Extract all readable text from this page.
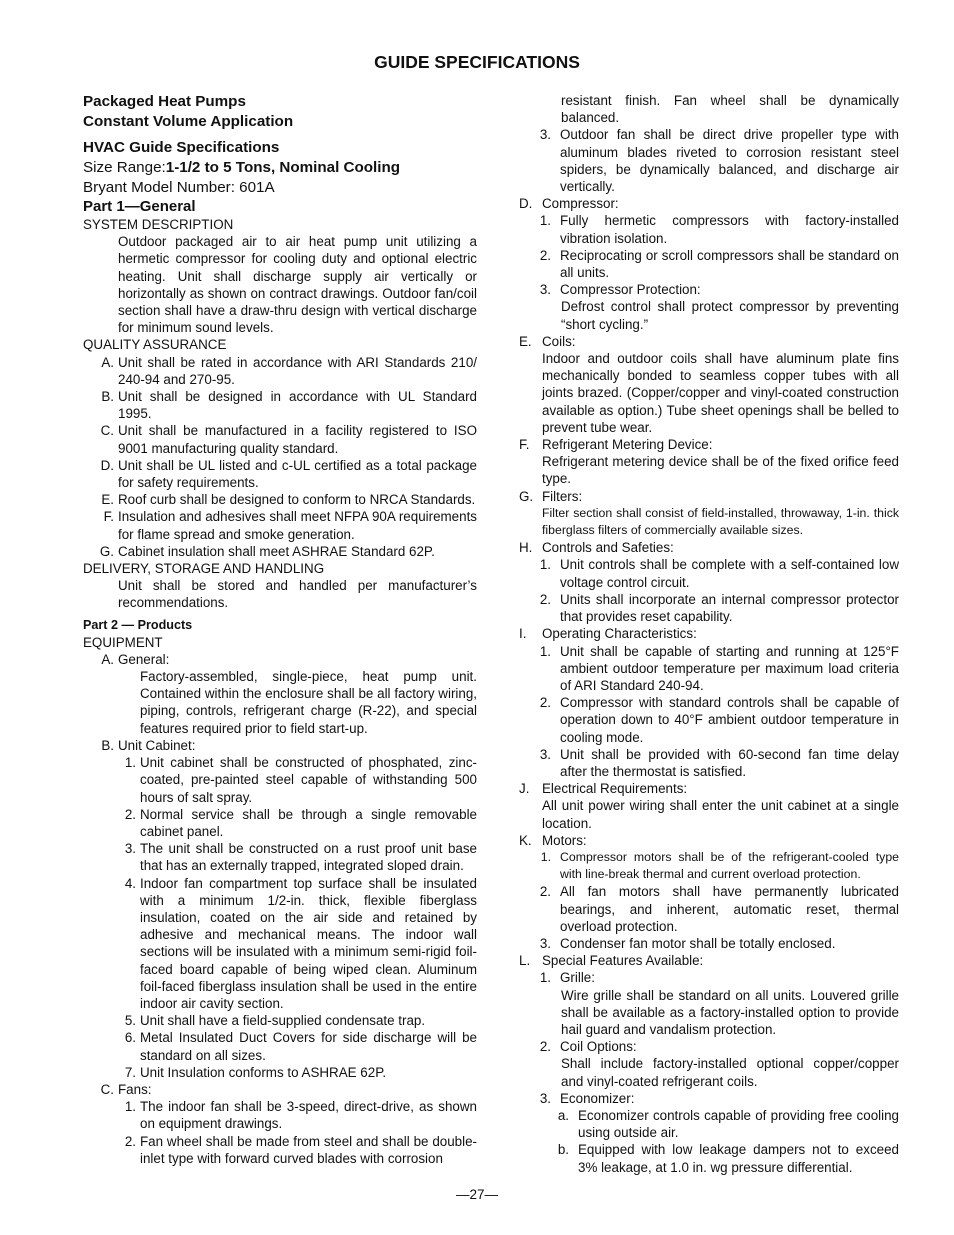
GUIDE SPECIFICATIONS
Packaged Heat Pumps
Constant Volume Application
HVAC Guide Specifications
Size Range:1-1/2 to 5 Tons, Nominal Cooling
Bryant Model Number: 601A
Part 1—General
SYSTEM DESCRIPTION
Outdoor packaged air to air heat pump unit utilizing a hermetic compressor for cooling duty and optional electric heating. Unit shall discharge supply air vertically or horizontally as shown on contract drawings. Outdoor fan/coil section shall have a draw-thru design with vertical discharge for minimum sound levels.
QUALITY ASSURANCE
A. Unit shall be rated in accordance with ARI Standards 210/ 240-94 and 270-95.
B. Unit shall be designed in accordance with UL Standard 1995.
C. Unit shall be manufactured in a facility registered to ISO 9001 manufacturing quality standard.
D. Unit shall be UL listed and c-UL certified as a total package for safety requirements.
E. Roof curb shall be designed to conform to NRCA Standards.
F. Insulation and adhesives shall meet NFPA 90A requirements for flame spread and smoke generation.
G. Cabinet insulation shall meet ASHRAE Standard 62P.
DELIVERY, STORAGE AND HANDLING
Unit shall be stored and handled per manufacturer’s recommendations.
Part 2 — Products
EQUIPMENT
A. General:
Factory-assembled, single-piece, heat pump unit. Contained within the enclosure shall be all factory wiring, piping, controls, refrigerant charge (R-22), and special features required prior to field start-up.
B. Unit Cabinet:
1. Unit cabinet shall be constructed of phosphated, zinc-coated, pre-painted steel capable of withstanding 500 hours of salt spray.
2. Normal service shall be through a single removable cabinet panel.
3. The unit shall be constructed on a rust proof unit base that has an externally trapped, integrated sloped drain.
4. Indoor fan compartment top surface shall be insulated with a minimum 1/2-in. thick, flexible fiberglass insulation, coated on the air side and retained by adhesive and mechanical means. The indoor wall sections will be insulated with a minimum semi-rigid foil-faced board capable of being wiped clean. Aluminum foil-faced fiberglass insulation shall be used in the entire indoor air cavity section.
5. Unit shall have a field-supplied condensate trap.
6. Metal Insulated Duct Covers for side discharge will be standard on all sizes.
7. Unit Insulation conforms to ASHRAE 62P.
C. Fans:
1. The indoor fan shall be 3-speed, direct-drive, as shown on equipment drawings.
2. Fan wheel shall be made from steel and shall be double-inlet type with forward curved blades with corrosion
resistant finish. Fan wheel shall be dynamically balanced.
3. Outdoor fan shall be direct drive propeller type with aluminum blades riveted to corrosion resistant steel spiders, be dynamically balanced, and discharge air vertically.
D. Compressor:
1. Fully hermetic compressors with factory-installed vibration isolation.
2. Reciprocating or scroll compressors shall be standard on all units.
3. Compressor Protection:
Defrost control shall protect compressor by preventing “short cycling.”
E. Coils:
Indoor and outdoor coils shall have aluminum plate fins mechanically bonded to seamless copper tubes with all joints brazed. (Copper/copper and vinyl-coated construction available as option.) Tube sheet openings shall be belled to prevent tube wear.
F. Refrigerant Metering Device:
Refrigerant metering device shall be of the fixed orifice feed type.
G. Filters:
Filter section shall consist of field-installed, throwaway, 1-in. thick fiberglass filters of commercially available sizes.
H. Controls and Safeties:
1. Unit controls shall be complete with a self-contained low voltage control circuit.
2. Units shall incorporate an internal compressor protector that provides reset capability.
I.	Operating Characteristics:
1. Unit shall be capable of starting and running at 125°F ambient outdoor temperature per maximum load criteria of ARI Standard 240-94.
2. Compressor with standard controls shall be capable of operation down to 40°F ambient outdoor temperature in cooling mode.
3. Unit shall be provided with 60-second fan time delay after the thermostat is satisfied.
J. Electrical Requirements:
All unit power wiring shall enter the unit cabinet at a single location.
K. Motors:
1. Compressor motors shall be of the refrigerant-cooled type with line-break thermal and current overload protection.
2. All fan motors shall have permanently lubricated bearings, and inherent, automatic reset, thermal overload protection.
3. Condenser fan motor shall be totally enclosed.
L. Special Features Available:
1. Grille:
Wire grille shall be standard on all units. Louvered grille shall be available as a factory-installed option to provide hail guard and vandalism protection.
2. Coil Options:
Shall include factory-installed optional copper/copper and vinyl-coated refrigerant coils.
3. Economizer:
a. Economizer controls capable of providing free cooling using outside air.
b. Equipped with low leakage dampers not to exceed 3% leakage, at 1.0 in. wg pressure differential.
—27—
